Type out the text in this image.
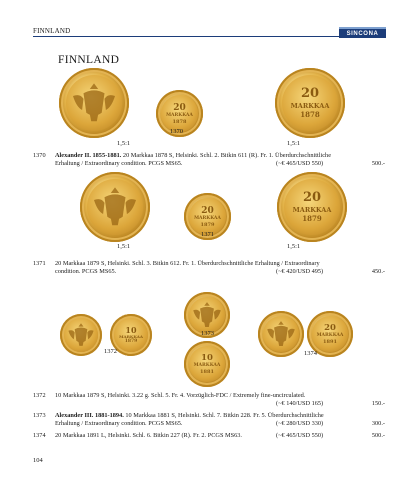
FINNLAND	SINCONA
FINNLAND
20
MARKKAA
1878
20
MARKKAA
1878
1,5:1
1370
1,5:1
1370 Alexander II. 1855-1881. 20 Markkaa 1878 S, Helsinki. Schl. 2. Bitkin 611 (R). Fr. 1. Überdurchschnittliche
Erhaltung / Extraordinary condition. PCGS MS65.	(~€ 465/USD 550)	500.-
20
MARKKAA
1879
20
MARKKAA
1879
1,5:1
1371
1,5:1
1371 20 Markkaa 1879 S, Helsinki. Schl. 3. Bitkin 612. Fr. 1. Überdurchschnittliche Erhaltung / Extraordinary
condition. PCGS MS65.	(~€ 420/USD 495)	450.-
10
MARKKAA
1881
1373
10
MARKKAA
1879
1372
20
MARKKAA
1891
1374
1372 10 Markkaa 1879 S, Helsinki. 3.22 g. Schl. 5. Fr. 4. Vorzüglich-FDC / Extremely fine-uncirculated.
(~€ 140/USD 165)	150.-
1373 Alexander III. 1881-1894. 10 Markkaa 1881 S, Helsinki. Schl. 7. Bitkin 228. Fr. 5. Überdurchschnittliche
Erhaltung / Extraordinary condition. PCGS MS65.	(~€ 280/USD 330)	300.-
1374 20 Markkaa 1891 L, Helsinki. Schl. 6. Bitkin 227 (R). Fr. 2. PCGS MS63.	(~€ 465/USD 550)	500.-
104
